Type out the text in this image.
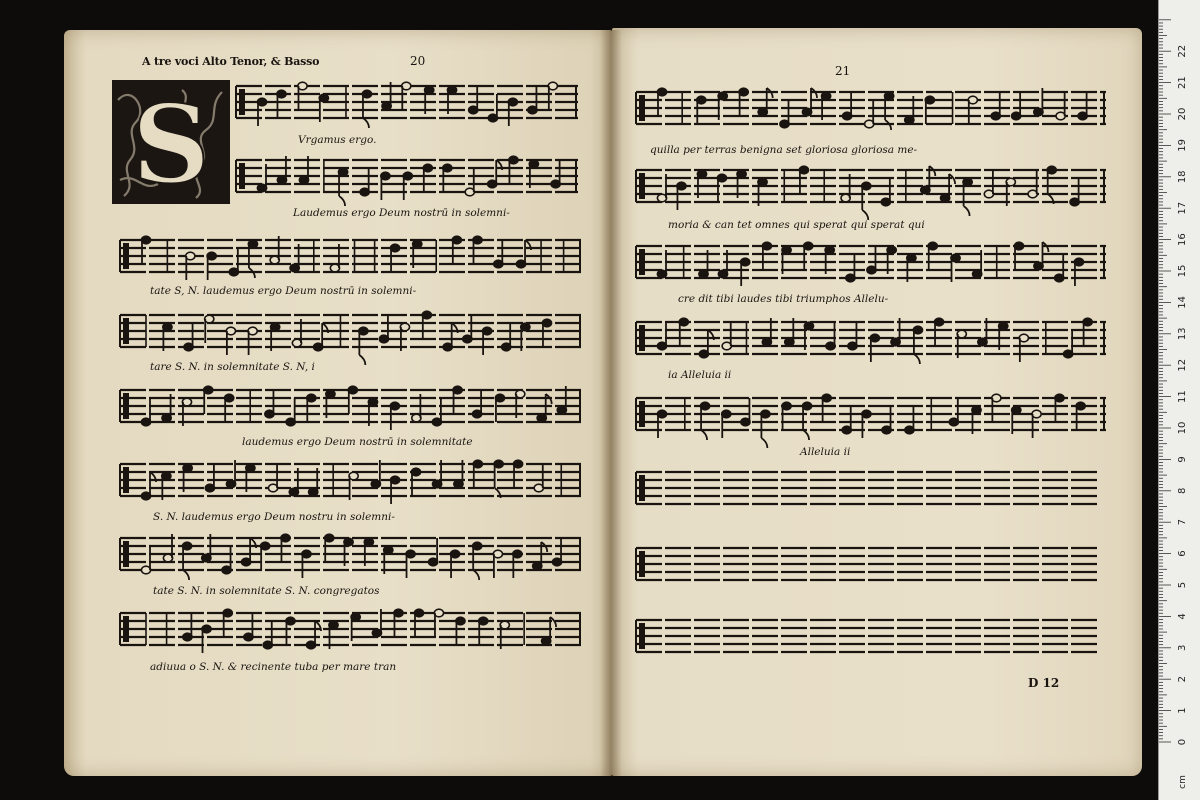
S
A tre voci Alto Tenor, & Basso	20
Vrgamus ergo.
Laudemus ergo Deum nostrū in solemni-
tate S, N. laudemus ergo Deum nostrū in solemni-
tare S. N. in solemnitate S. N, i
laudemus ergo Deum nostrū in solemnitate
S. N. laudemus ergo Deum nostru in solemni-
tate S. N. in solemnitate S. N. congregatos
adiuua o S. N. & recinente tuba per mare tran
21
quilla per terras benigna set gloriosa gloriosa me-
moria & can tet omnes qui sperat qui sperat qui
cre dit tibi laudes tibi triumphos Allelu-
ia Alleluia ii
Alleluia ii
D 12
0
1
2
3
4
5
6
7
8
9
10
11
12
13
14
15
16
17
18
19
20
21
22
cm
